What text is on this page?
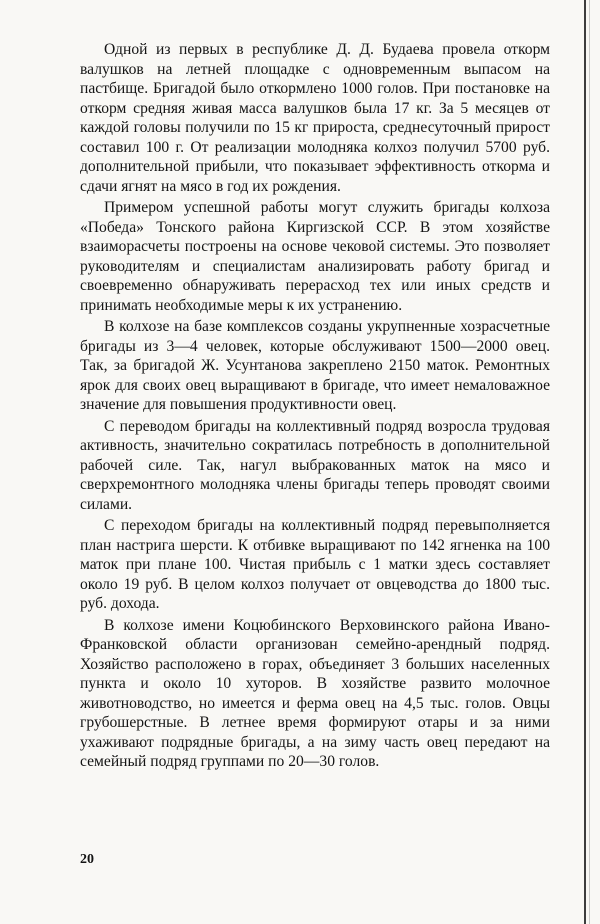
Одной из первых в республике Д. Д. Будаева провела откорм валушков на летней площадке с одновременным выпасом на пастбище. Бригадой было откормлено 1000 голов. При постановке на откорм средняя живая масса валушков была 17 кг. За 5 месяцев от каждой головы получили по 15 кг прироста, среднесуточный прирост составил 100 г. От реализации молодняка колхоз получил 5700 руб. дополнительной прибыли, что показывает эффективность откорма и сдачи ягнят на мясо в год их рождения.

Примером успешной работы могут служить бригады колхоза «Победа» Тонского района Киргизской ССР. В этом хозяйстве взаиморасчеты построены на основе чековой системы. Это позволяет руководителям и специалистам анализировать работу бригад и своевременно обнаруживать перерасход тех или иных средств и принимать необходимые меры к их устранению.

В колхозе на базе комплексов созданы укрупненные хозрасчетные бригады из 3—4 человек, которые обслуживают 1500—2000 овец. Так, за бригадой Ж. Усунтанова закреплено 2150 маток. Ремонтных ярок для своих овец выращивают в бригаде, что имеет немаловажное значение для повышения продуктивности овец.

С переводом бригады на коллективный подряд возросла трудовая активность, значительно сократилась потребность в дополнительной рабочей силе. Так, нагул выбракованных маток на мясо и сверхремонтного молодняка члены бригады теперь проводят своими силами.

С переходом бригады на коллективный подряд перевыполняется план настрига шерсти. К отбивке выращивают по 142 ягненка на 100 маток при плане 100. Чистая прибыль с 1 матки здесь составляет около 19 руб. В целом колхоз получает от овцеводства до 1800 тыс. руб. дохода.

В колхозе имени Коцюбинского Верховинского района Ивано-Франковской области организован семейно-арендный подряд. Хозяйство расположено в горах, объединяет 3 больших населенных пункта и около 10 хуторов. В хозяйстве развито молочное животноводство, но имеется и ферма овец на 4,5 тыс. голов. Овцы грубошерстные. В летнее время формируют отары и за ними ухаживают подрядные бригады, а на зиму часть овец передают на семейный подряд группами по 20—30 голов.

20
